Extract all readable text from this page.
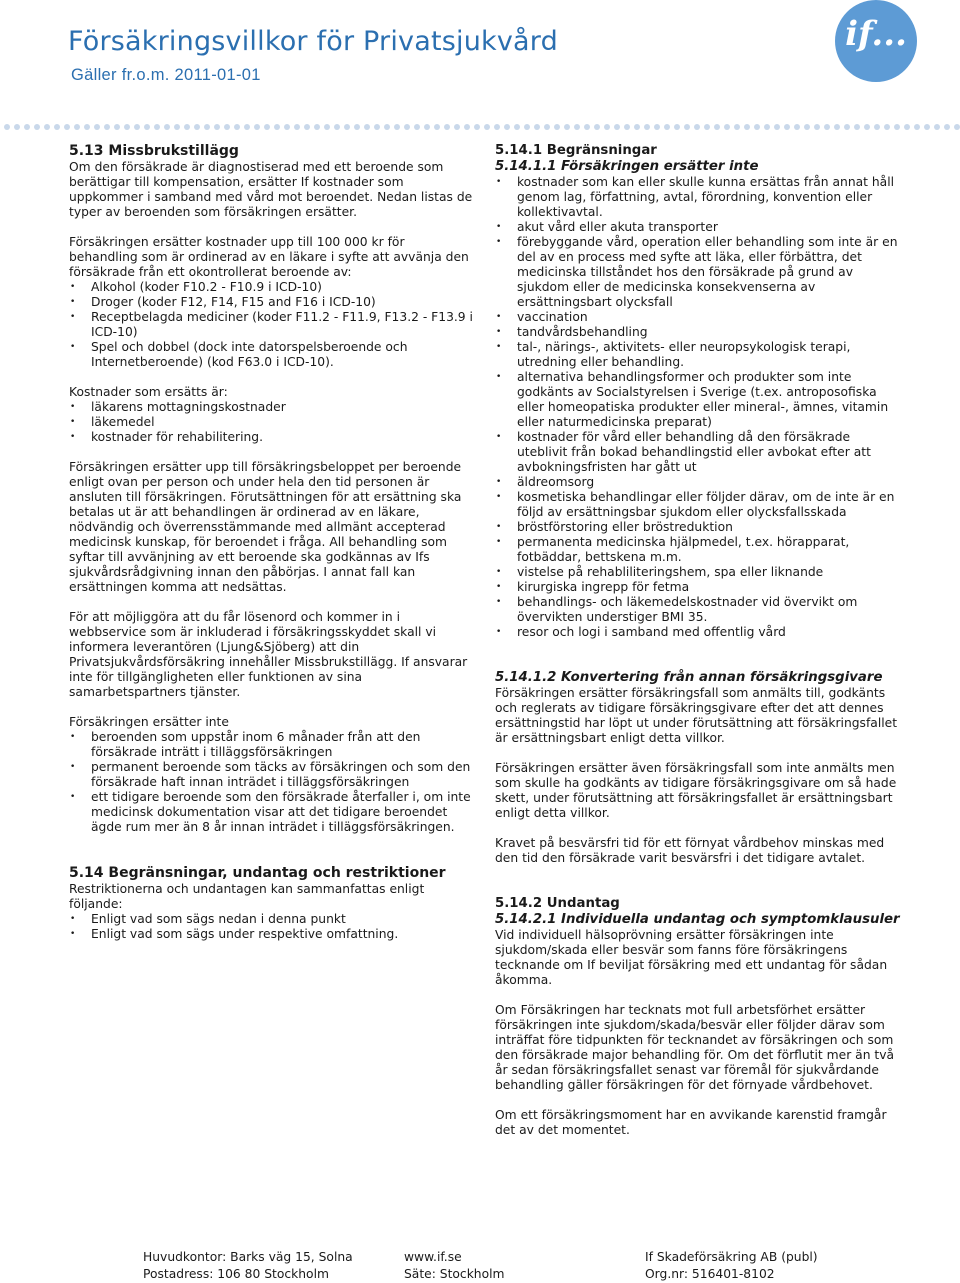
Försäkringsvillkor för Privatsjukvård
Gäller fr.o.m. 2011-01-01
if...

5.13 Missbrukstillägg

Om den försäkrade är diagnostiserad med ett beroende som berättigar till kompensation, ersätter If kostnader som uppkommer i samband med vård mot beroendet. Nedan listas de typer av beroenden som försäkringen ersätter.

Försäkringen ersätter kostnader upp till 100 000 kr för behandling som är ordinerad av en läkare i syfte att avvänja den försäkrade från ett okontrollerat beroende av:

• Alkohol (koder F10.2 - F10.9 i ICD-10)
• Droger (koder F12, F14, F15 and F16 i ICD-10)
• Receptbelagda mediciner (koder F11.2 - F11.9, F13.2 - F13.9 i ICD-10)
• Spel och dobbel (dock inte datorspelsberoende och Internetberoende) (kod F63.0 i ICD-10).

Kostnader som ersätts är:

• läkarens mottagningskostnader
• läkemedel
• kostnader för rehabilitering.

Försäkringen ersätter upp till försäkringsbeloppet per beroende enligt ovan per person och under hela den tid personen är ansluten till försäkringen. Förutsättningen för att ersättning ska betalas ut är att behandlingen är ordinerad av en läkare, nödvändig och överrensstämmande med allmänt accepterad medicinsk kunskap, för beroendet i fråga. All behandling som syftar till avvänjning av ett beroende ska godkännas av Ifs sjukvårdsrådgivning innan den påbörjas. I annat fall kan ersättningen komma att nedsättas.

För att möjliggöra att du får lösenord och kommer in i webbservice som är inkluderad i försäkringsskyddet skall vi informera leverantören (Ljung&Sjöberg) att din Privatsjukvårdsförsäkring innehåller Missbrukstillägg. If ansvarar inte för tillgängligheten eller funktionen av sina samarbetspartners tjänster.

Försäkringen ersätter inte

• beroenden som uppstår inom 6 månader från att den försäkrade inträtt i tilläggsförsäkringen
• permanent beroende som täcks av försäkringen och som den försäkrade haft innan inträdet i tilläggsförsäkringen
• ett tidigare beroende som den försäkrade återfaller i, om inte medicinsk dokumentation visar att det tidigare beroendet ägde rum mer än 8 år innan inträdet i tilläggsförsäkringen.

5.14 Begränsningar, undantag och restriktioner

Restriktionerna och undantagen kan sammanfattas enligt följande:

• Enligt vad som sägs nedan i denna punkt
• Enligt vad som sägs under respektive omfattning.

5.14.1 Begränsningar

5.14.1.1 Försäkringen ersätter inte

• kostnader som kan eller skulle kunna ersättas från annat håll genom lag, författning, avtal, förordning, konvention eller kollektivavtal.
• akut vård eller akuta transporter
• förebyggande vård, operation eller behandling som inte är en del av en process med syfte att läka, eller förbättra, det medicinska tillståndet hos den försäkrade på grund av sjukdom eller de medicinska konsekvenserna av ersättningsbart olycksfall
• vaccination
• tandvårdsbehandling
• tal-, närings-, aktivitets- eller neuropsykologisk terapi, utredning eller behandling.
• alternativa behandlingsformer och produkter som inte godkänts av Socialstyrelsen i Sverige (t.ex. antroposofiska eller homeopatiska produkter eller mineral-, ämnes, vitamin eller naturmedicinska preparat)
• kostnader för vård eller behandling då den försäkrade uteblivit från bokad behandlingstid eller avbokat efter att avbokningsfristen har gått ut
• äldreomsorg
• kosmetiska behandlingar eller följder därav, om de inte är en följd av ersättningsbar sjukdom eller olycksfallsskada
• bröstförstoring eller bröstreduktion
• permanenta medicinska hjälpmedel, t.ex. hörapparat, fotbäddar, bettskena m.m.
• vistelse på rehabliliteringshem, spa eller liknande
• kirurgiska ingrepp för fetma
• behandlings- och läkemedelskostnader vid övervikt om övervikten understiger BMI 35.
• resor och logi i samband med offentlig vård

5.14.1.2 Konvertering från annan försäkringsgivare

Försäkringen ersätter försäkringsfall som anmälts till, godkänts och reglerats av tidigare försäkringsgivare efter det att dennes ersättningstid har löpt ut under förutsättning att försäkringsfallet är ersättningsbart enligt detta villkor.

Försäkringen ersätter även försäkringsfall som inte anmälts men som skulle ha godkänts av tidigare försäkringsgivare om så hade skett, under förutsättning att försäkringsfallet är ersättningsbart enligt detta villkor.

Kravet på besvärsfri tid för ett förnyat vårdbehov minskas med den tid den försäkrade varit besvärsfri i det tidigare avtalet.

5.14.2 Undantag

5.14.2.1 Individuella undantag och symptomklausuler

Vid individuell hälsoprövning ersätter försäkringen inte sjukdom/skada eller besvär som fanns före försäkringens tecknande om If beviljat försäkring med ett undantag för sådan åkomma.

Om Försäkringen har tecknats mot full arbetsförhet ersätter försäkringen inte sjukdom/skada/besvär eller följder därav som inträffat före tidpunkten för tecknandet av försäkringen och som den försäkrade major behandling för. Om det förflutit mer än två år sedan försäkringsfallet senast var föremål för sjukvårdande behandling gäller försäkringen för det förnyade vårdbehovet.

Om ett försäkringsmoment har en avvikande karenstid framgår det av det momentet.

Huvudkontor: Barks väg 15, Solna
Postadress: 106 80 Stockholm
www.if.se
Säte: Stockholm
If Skadeförsäkring AB (publ)
Org.nr: 516401-8102
